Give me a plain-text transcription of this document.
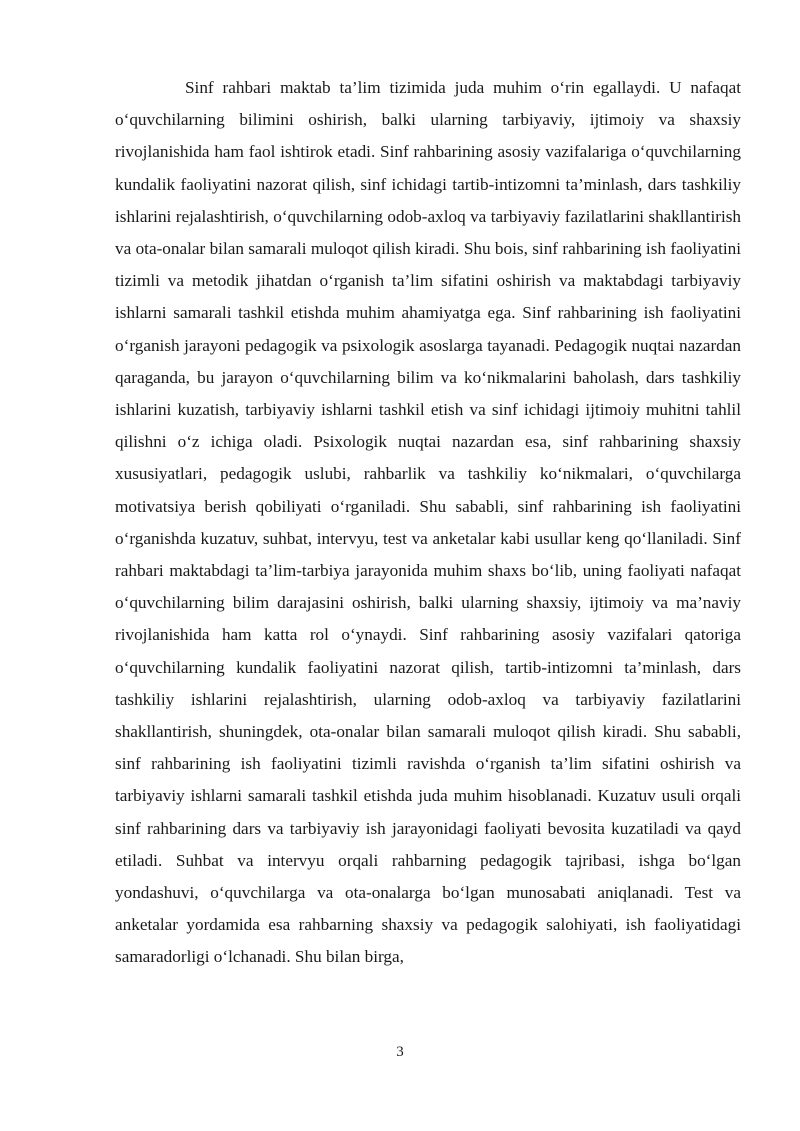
Sinf rahbari maktab ta’lim tizimida juda muhim o‘rin egallaydi. U nafaqat o‘quvchilarning bilimini oshirish, balki ularning tarbiyaviy, ijtimoiy va shaxsiy rivojlanishida ham faol ishtirok etadi. Sinf rahbarining asosiy vazifalariga o‘quvchilarning kundalik faoliyatini nazorat qilish, sinf ichidagi tartib-intizomni ta’minlash, dars tashkiliy ishlarini rejalashtirish, o‘quvchilarning odob-axloq va tarbiyaviy fazilatlarini shakllantirish va ota-onalar bilan samarali muloqot qilish kiradi. Shu bois, sinf rahbarining ish faoliyatini tizimli va metodik jihatdan o‘rganish ta’lim sifatini oshirish va maktabdagi tarbiyaviy ishlarni samarali tashkil etishda muhim ahamiyatga ega. Sinf rahbarining ish faoliyatini o‘rganish jarayoni pedagogik va psixologik asoslarga tayanadi. Pedagogik nuqtai nazardan qaraganda, bu jarayon o‘quvchilarning bilim va ko‘nikmalarini baholash, dars tashkiliy ishlarini kuzatish, tarbiyaviy ishlarni tashkil etish va sinf ichidagi ijtimoiy muhitni tahlil qilishni o‘z ichiga oladi. Psixologik nuqtai nazardan esa, sinf rahbarining shaxsiy xususiyatlari, pedagogik uslubi, rahbarlik va tashkiliy ko‘nikmalari, o‘quvchilarga motivatsiya berish qobiliyati o‘rganiladi. Shu sababli, sinf rahbarining ish faoliyatini o‘rganishda kuzatuv, suhbat, intervyu, test va anketalar kabi usullar keng qo‘llaniladi. Sinf rahbari maktabdagi ta’lim-tarbiya jarayonida muhim shaxs bo‘lib, uning faoliyati nafaqat o‘quvchilarning bilim darajasini oshirish, balki ularning shaxsiy, ijtimoiy va ma’naviy rivojlanishida ham katta rol o‘ynaydi. Sinf rahbarining asosiy vazifalari qatoriga o‘quvchilarning kundalik faoliyatini nazorat qilish, tartib-intizomni ta’minlash, dars tashkiliy ishlarini rejalashtirish, ularning odob-axloq va tarbiyaviy fazilatlarini shakllantirish, shuningdek, ota-onalar bilan samarali muloqot qilish kiradi. Shu sababli, sinf rahbarining ish faoliyatini tizimli ravishda o‘rganish ta’lim sifatini oshirish va tarbiyaviy ishlarni samarali tashkil etishda juda muhim hisoblanadi. Kuzatuv usuli orqali sinf rahbarining dars va tarbiyaviy ish jarayonidagi faoliyati bevosita kuzatiladi va qayd etiladi. Suhbat va intervyu orqali rahbarning pedagogik tajribasi, ishga bo‘lgan yondashuvi, o‘quvchilarga va ota-onalarga bo‘lgan munosabati aniqlanadi. Test va anketalar yordamida esa rahbarning shaxsiy va pedagogik salohiyati, ish faoliyatidagi samaradorligi o‘lchanadi. Shu bilan birga,

3
